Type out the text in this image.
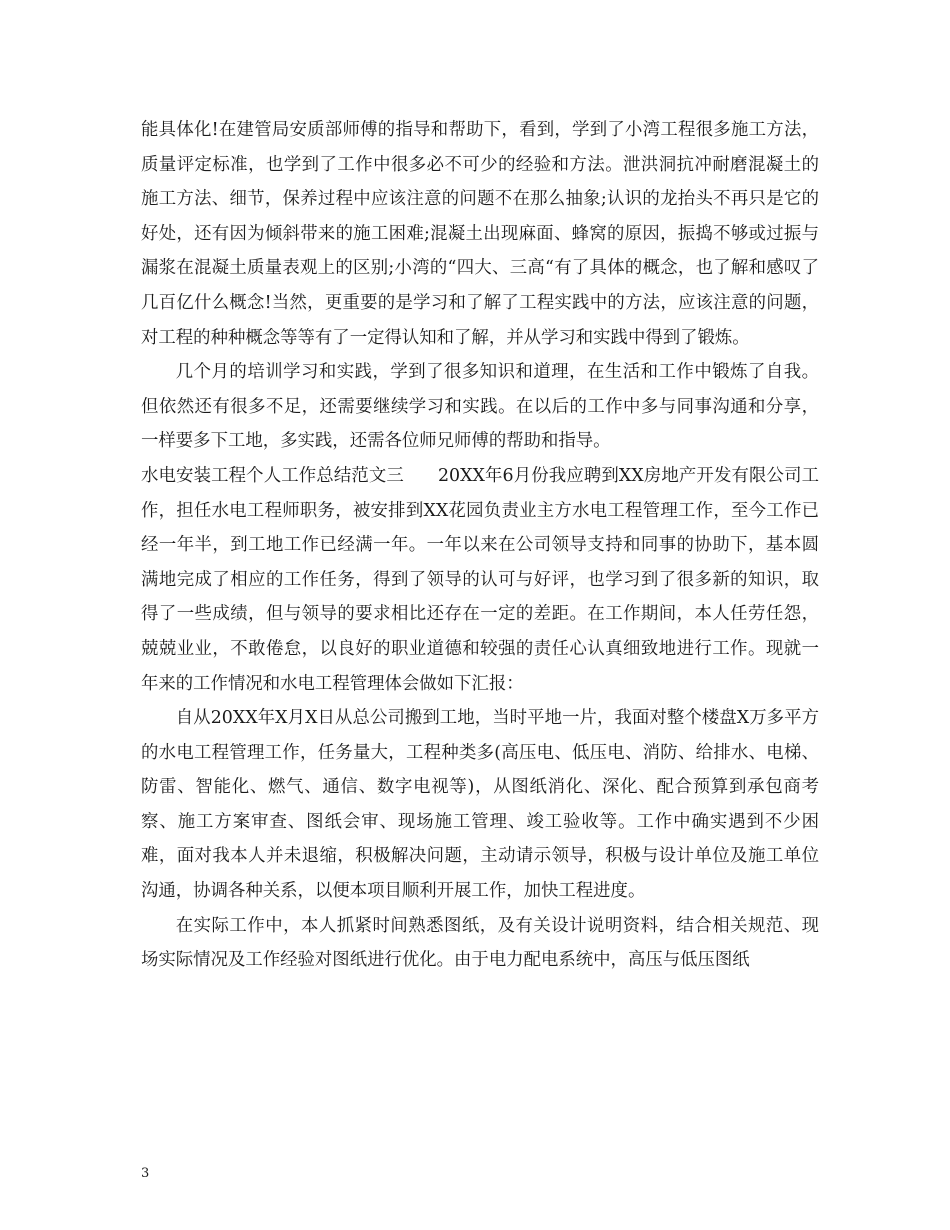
能具体化!在建管局安质部师傅的指导和帮助下，看到，学到了小湾工程很多施工方法，质量评定标准，也学到了工作中很多必不可少的经验和方法。泄洪洞抗冲耐磨混凝土的施工方法、细节，保养过程中应该注意的问题不在那么抽象;认识的龙抬头不再只是它的好处，还有因为倾斜带来的施工困难;混凝土出现麻面、蜂窝的原因，振捣不够或过振与漏浆在混凝土质量表观上的区别;小湾的“四大、三高“有了具体的概念，也了解和感叹了几百亿什么概念!当然，更重要的是学习和了解了工程实践中的方法，应该注意的问题，对工程的种种概念等等有了一定得认知和了解，并从学习和实践中得到了锻炼。

几个月的培训学习和实践，学到了很多知识和道理，在生活和工作中锻炼了自我。但依然还有很多不足，还需要继续学习和实践。在以后的工作中多与同事沟通和分享，一样要多下工地，多实践，还需各位师兄师傅的帮助和指导。

水电安装工程个人工作总结范文三 20XX年6月份我应聘到XX房地产开发有限公司工作，担任水电工程师职务，被安排到XX花园负责业主方水电工程管理工作，至今工作已经一年半，到工地工作已经满一年。一年以来在公司领导支持和同事的协助下，基本圆满地完成了相应的工作任务，得到了领导的认可与好评，也学习到了很多新的知识，取得了一些成绩，但与领导的要求相比还存在一定的差距。在工作期间，本人任劳任怨，兢兢业业，不敢倦怠，以良好的职业道德和较强的责任心认真细致地进行工作。现就一年来的工作情况和水电工程管理体会做如下汇报：

自从20XX年X月X日从总公司搬到工地，当时平地一片，我面对整个楼盘X万多平方的水电工程管理工作，任务量大，工程种类多(高压电、低压电、消防、给排水、电梯、防雷、智能化、燃气、通信、数字电视等)，从图纸消化、深化、配合预算到承包商考察、施工方案审查、图纸会审、现场施工管理、竣工验收等。工作中确实遇到不少困难，面对我本人并未退缩，积极解决问题，主动请示领导，积极与设计单位及施工单位沟通，协调各种关系，以便本项目顺利开展工作，加快工程进度。

在实际工作中，本人抓紧时间熟悉图纸，及有关设计说明资料，结合相关规范、现场实际情况及工作经验对图纸进行优化。由于电力配电系统中，高压与低压图纸

3
